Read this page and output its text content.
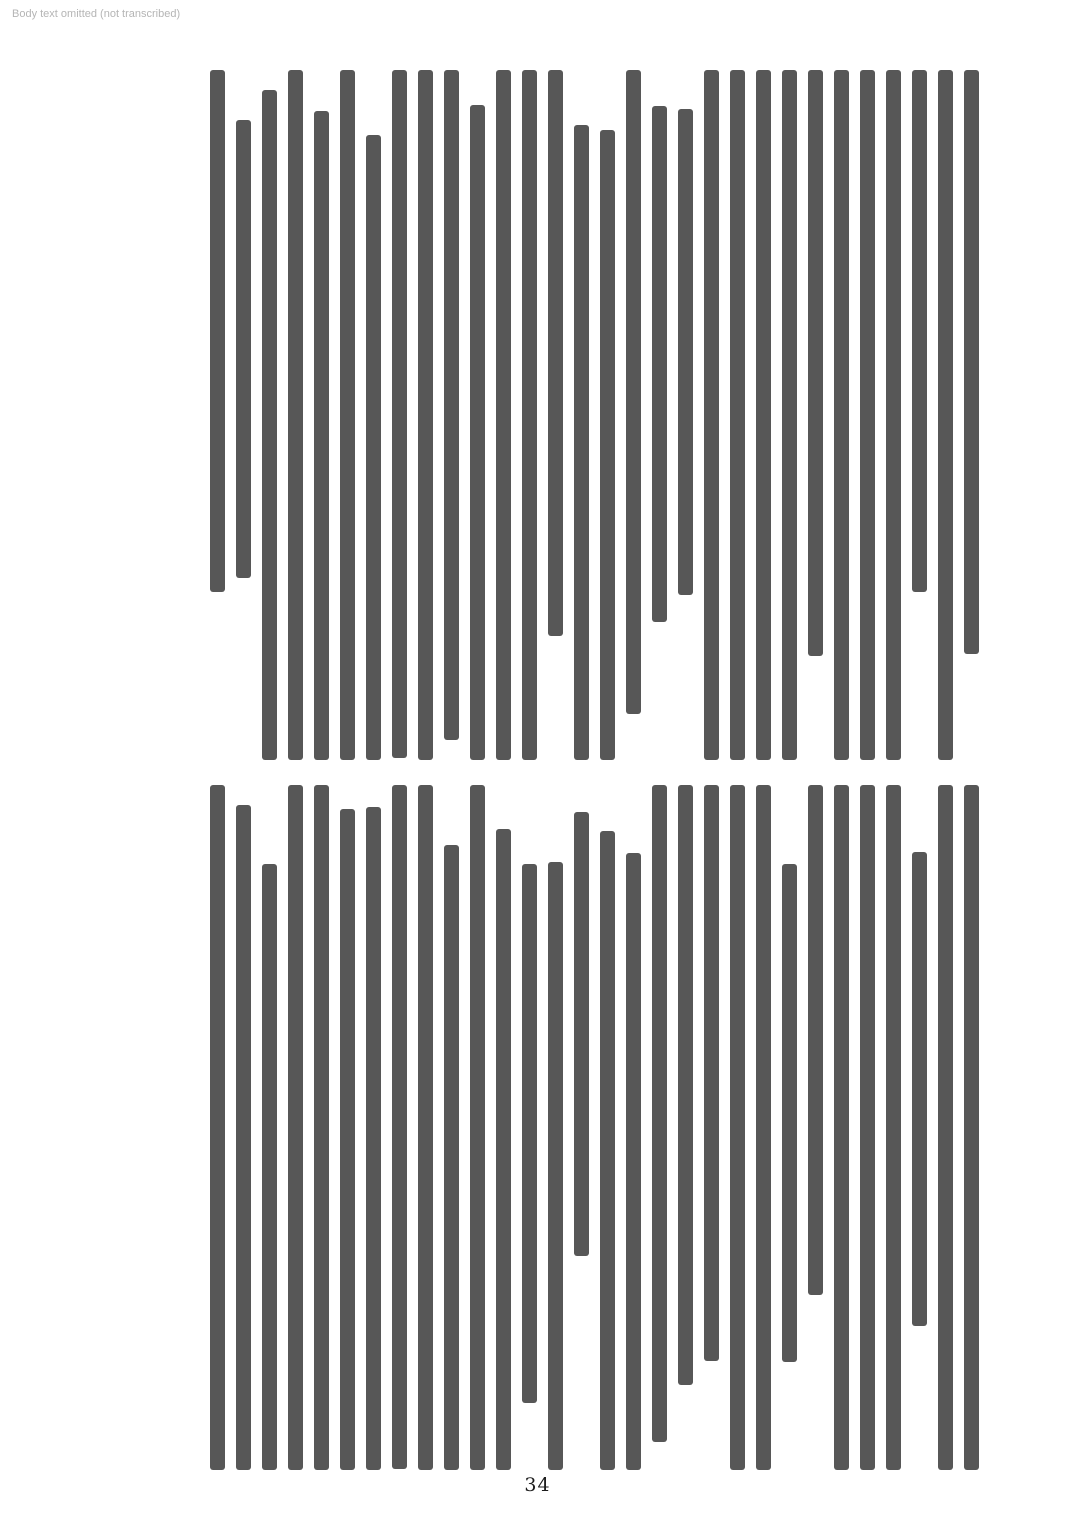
Body text omitted (not transcribed)
34
